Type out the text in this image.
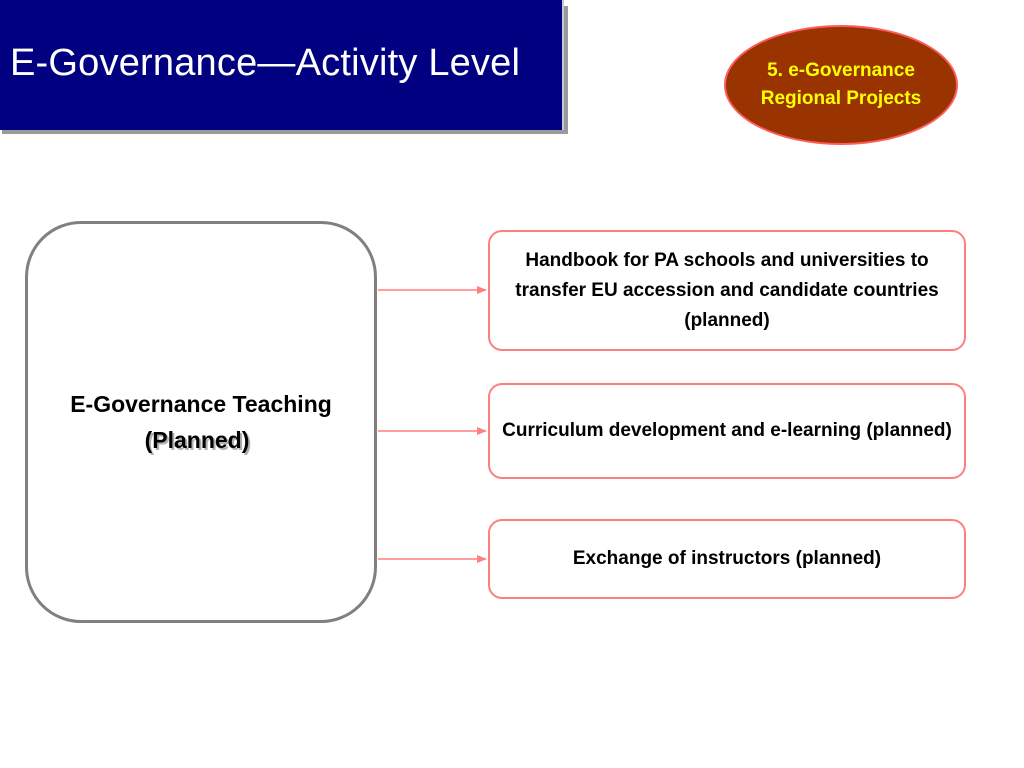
E-Governance—Activity Level	5. e-Governance
Regional Projects
E-Governance Teaching
(Planned)
Handbook for PA schools and universities to transfer EU accession and candidate countries (planned)
Curriculum development and e-learning (planned)
Exchange of instructors (planned)
